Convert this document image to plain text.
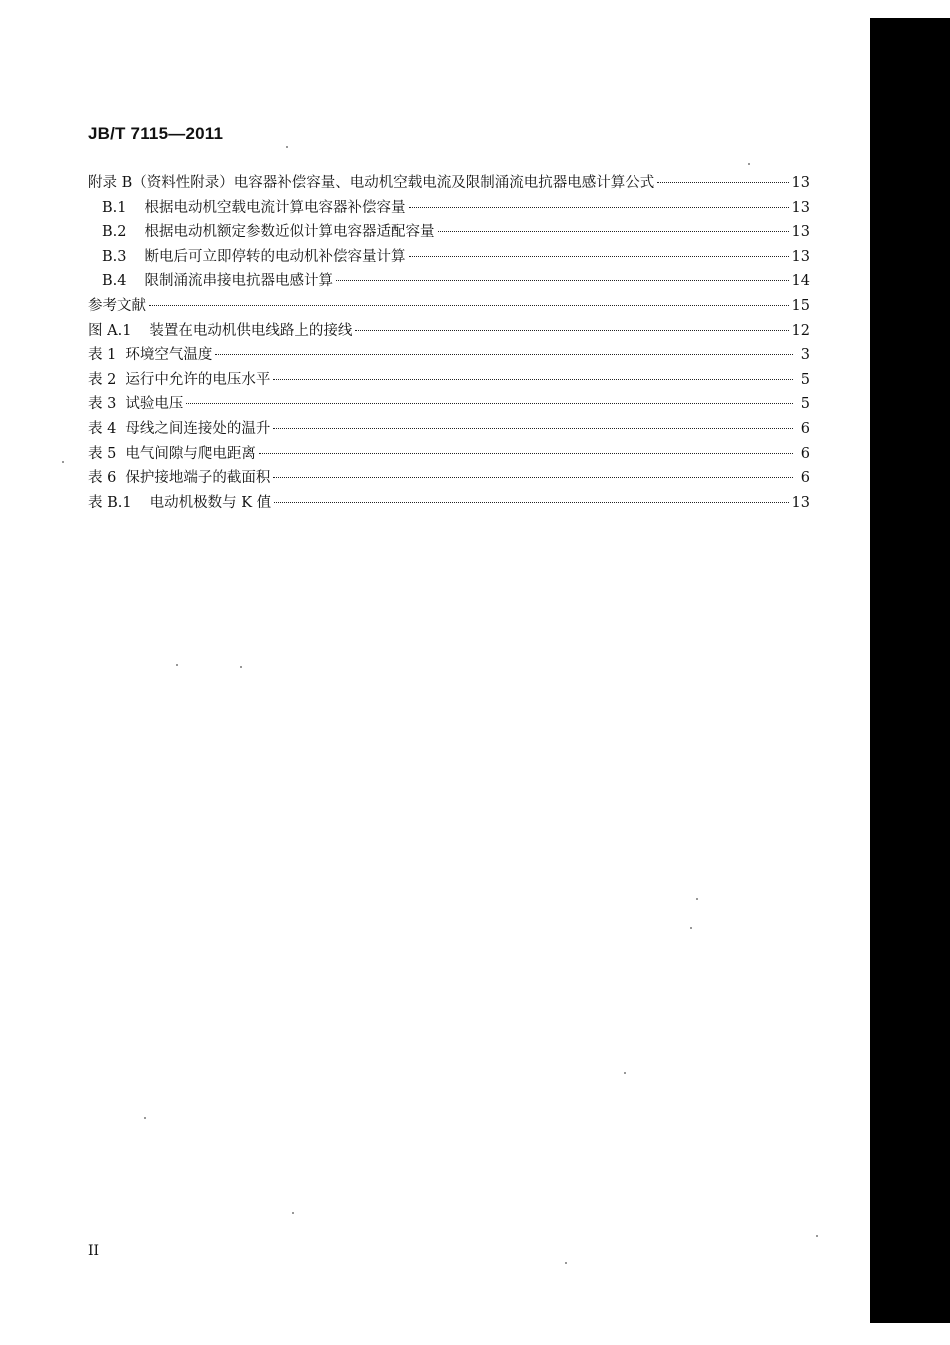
JB/T 7115—2011
附录 B （资料性附录）电容器补偿容量、电动机空载电流及限制涌流电抗器电感计算公式	13
B.1 根据电动机空载电流计算电容器补偿容量	13
B.2 根据电动机额定参数近似计算电容器适配容量	13
B.3 断电后可立即停转的电动机补偿容量计算	13
B.4 限制涌流串接电抗器电感计算	14
参考文献	15
图 A.1 装置在电动机供电线路上的接线	12
表 1 环境空气温度	3
表 2 运行中允许的电压水平	5
表 3 试验电压	5
表 4 母线之间连接处的温升	6
表 5 电气间隙与爬电距离	6
表 6 保护接地端子的截面积	6
表 B.1 电动机极数与 K 值	13
II
